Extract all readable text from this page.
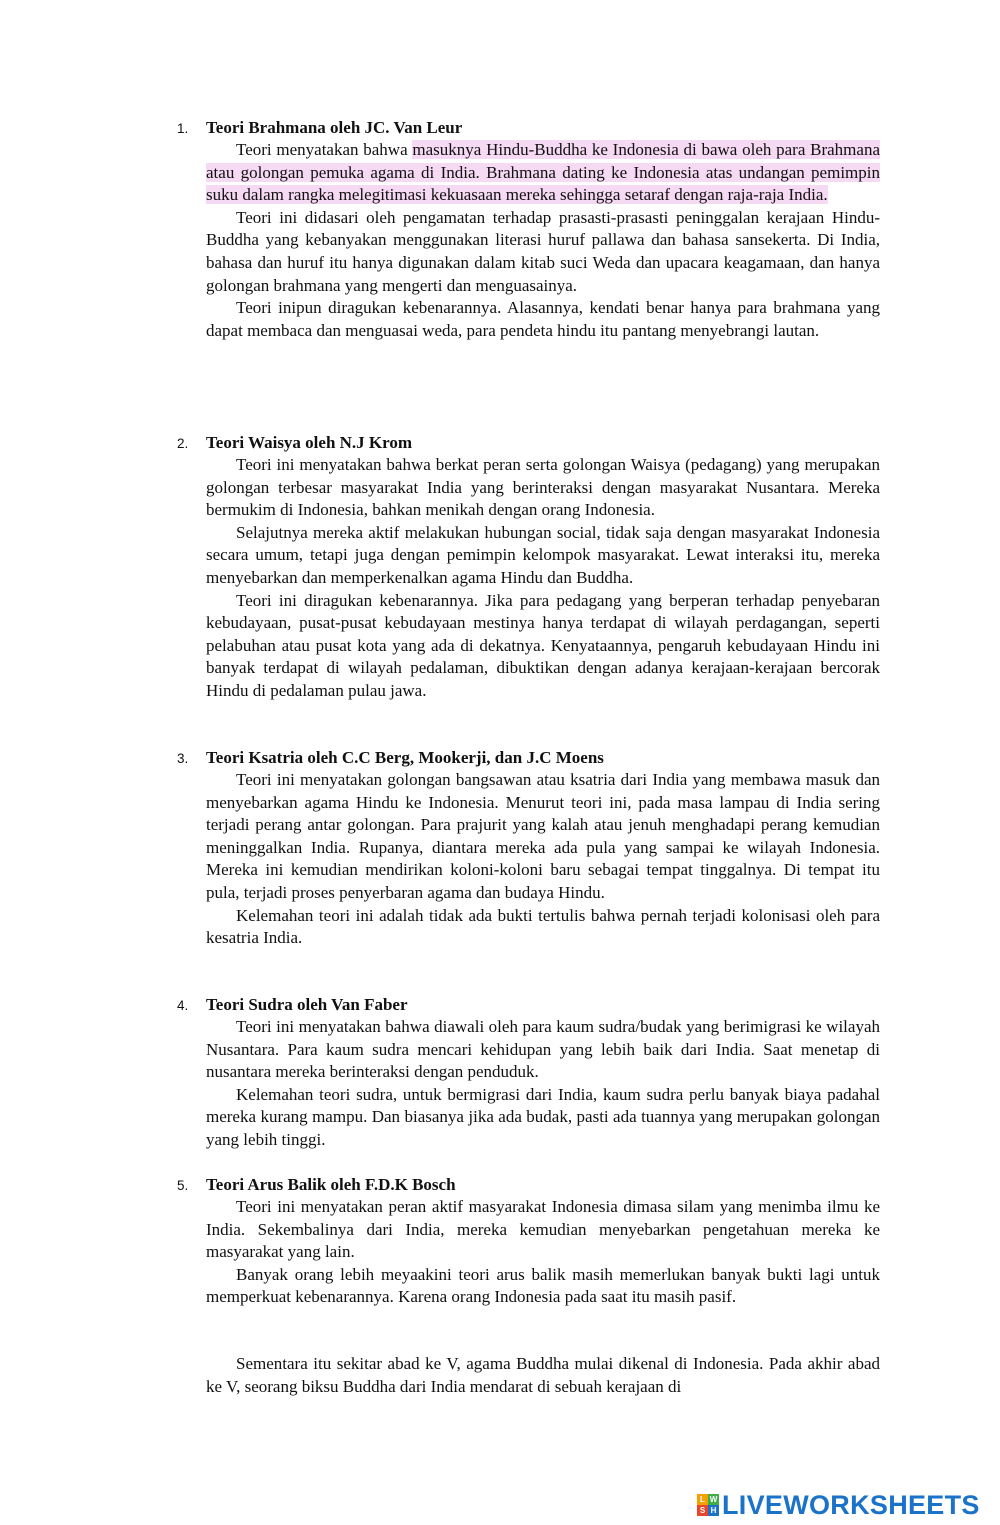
1. Teori Brahmana oleh JC. Van Leur

Teori menyatakan bahwa masuknya Hindu-Buddha ke Indonesia di bawa oleh para Brahmana atau golongan pemuka agama di India. Brahmana dating ke Indonesia atas undangan pemimpin suku dalam rangka melegitimasi kekuasaan mereka sehingga setaraf dengan raja-raja India.

Teori ini didasari oleh pengamatan terhadap prasasti-prasasti peninggalan kerajaan Hindu-Buddha yang kebanyakan menggunakan literasi huruf pallawa dan bahasa sansekerta. Di India, bahasa dan huruf itu hanya digunakan dalam kitab suci Weda dan upacara keagamaan, dan hanya golongan brahmana yang mengerti dan menguasainya.

Teori inipun diragukan kebenarannya. Alasannya, kendati benar hanya para brahmana yang dapat membaca dan menguasai weda, para pendeta hindu itu pantang menyebrangi lautan.

2. Teori Waisya oleh N.J Krom

Teori ini menyatakan bahwa berkat peran serta golongan Waisya (pedagang) yang merupakan golongan terbesar masyarakat India yang berinteraksi dengan masyarakat Nusantara. Mereka bermukim di Indonesia, bahkan menikah dengan orang Indonesia.

Selajutnya mereka aktif melakukan hubungan social, tidak saja dengan masyarakat Indonesia secara umum, tetapi juga dengan pemimpin kelompok masyarakat. Lewat interaksi itu, mereka menyebarkan dan memperkenalkan agama Hindu dan Buddha.

Teori ini diragukan kebenarannya. Jika para pedagang yang berperan terhadap penyebaran kebudayaan, pusat-pusat kebudayaan mestinya hanya terdapat di wilayah perdagangan, seperti pelabuhan atau pusat kota yang ada di dekatnya. Kenyataannya, pengaruh kebudayaan Hindu ini banyak terdapat di wilayah pedalaman, dibuktikan dengan adanya kerajaan-kerajaan bercorak Hindu di pedalaman pulau jawa.

3. Teori Ksatria oleh C.C Berg, Mookerji, dan J.C Moens

Teori ini menyatakan golongan bangsawan atau ksatria dari India yang membawa masuk dan menyebarkan agama Hindu ke Indonesia. Menurut teori ini, pada masa lampau di India sering terjadi perang antar golongan. Para prajurit yang kalah atau jenuh menghadapi perang kemudian meninggalkan India. Rupanya, diantara mereka ada pula yang sampai ke wilayah Indonesia. Mereka ini kemudian mendirikan koloni-koloni baru sebagai tempat tinggalnya. Di tempat itu pula, terjadi proses penyerbaran agama dan budaya Hindu.

Kelemahan teori ini adalah tidak ada bukti tertulis bahwa pernah terjadi kolonisasi oleh para kesatria India.

4. Teori Sudra oleh Van Faber

Teori ini menyatakan bahwa diawali oleh para kaum sudra/budak yang berimigrasi ke wilayah Nusantara. Para kaum sudra mencari kehidupan yang lebih baik dari India. Saat menetap di nusantara mereka berinteraksi dengan penduduk.

Kelemahan teori sudra, untuk bermigrasi dari India, kaum sudra perlu banyak biaya padahal mereka kurang mampu. Dan biasanya jika ada budak, pasti ada tuannya yang merupakan golongan yang lebih tinggi.

5. Teori Arus Balik oleh F.D.K Bosch

Teori ini menyatakan peran aktif masyarakat Indonesia dimasa silam yang menimba ilmu ke India. Sekembalinya dari India, mereka kemudian menyebarkan pengetahuan mereka ke masyarakat yang lain.

Banyak orang lebih meyaakini teori arus balik masih memerlukan banyak bukti lagi untuk memperkuat kebenarannya. Karena orang Indonesia pada saat itu masih pasif.

Sementara itu sekitar abad ke V, agama Buddha mulai dikenal di Indonesia. Pada akhir abad ke V, seorang biksu Buddha dari India mendarat di sebuah kerajaan di

L W
S H LIVEWORKSHEETS
